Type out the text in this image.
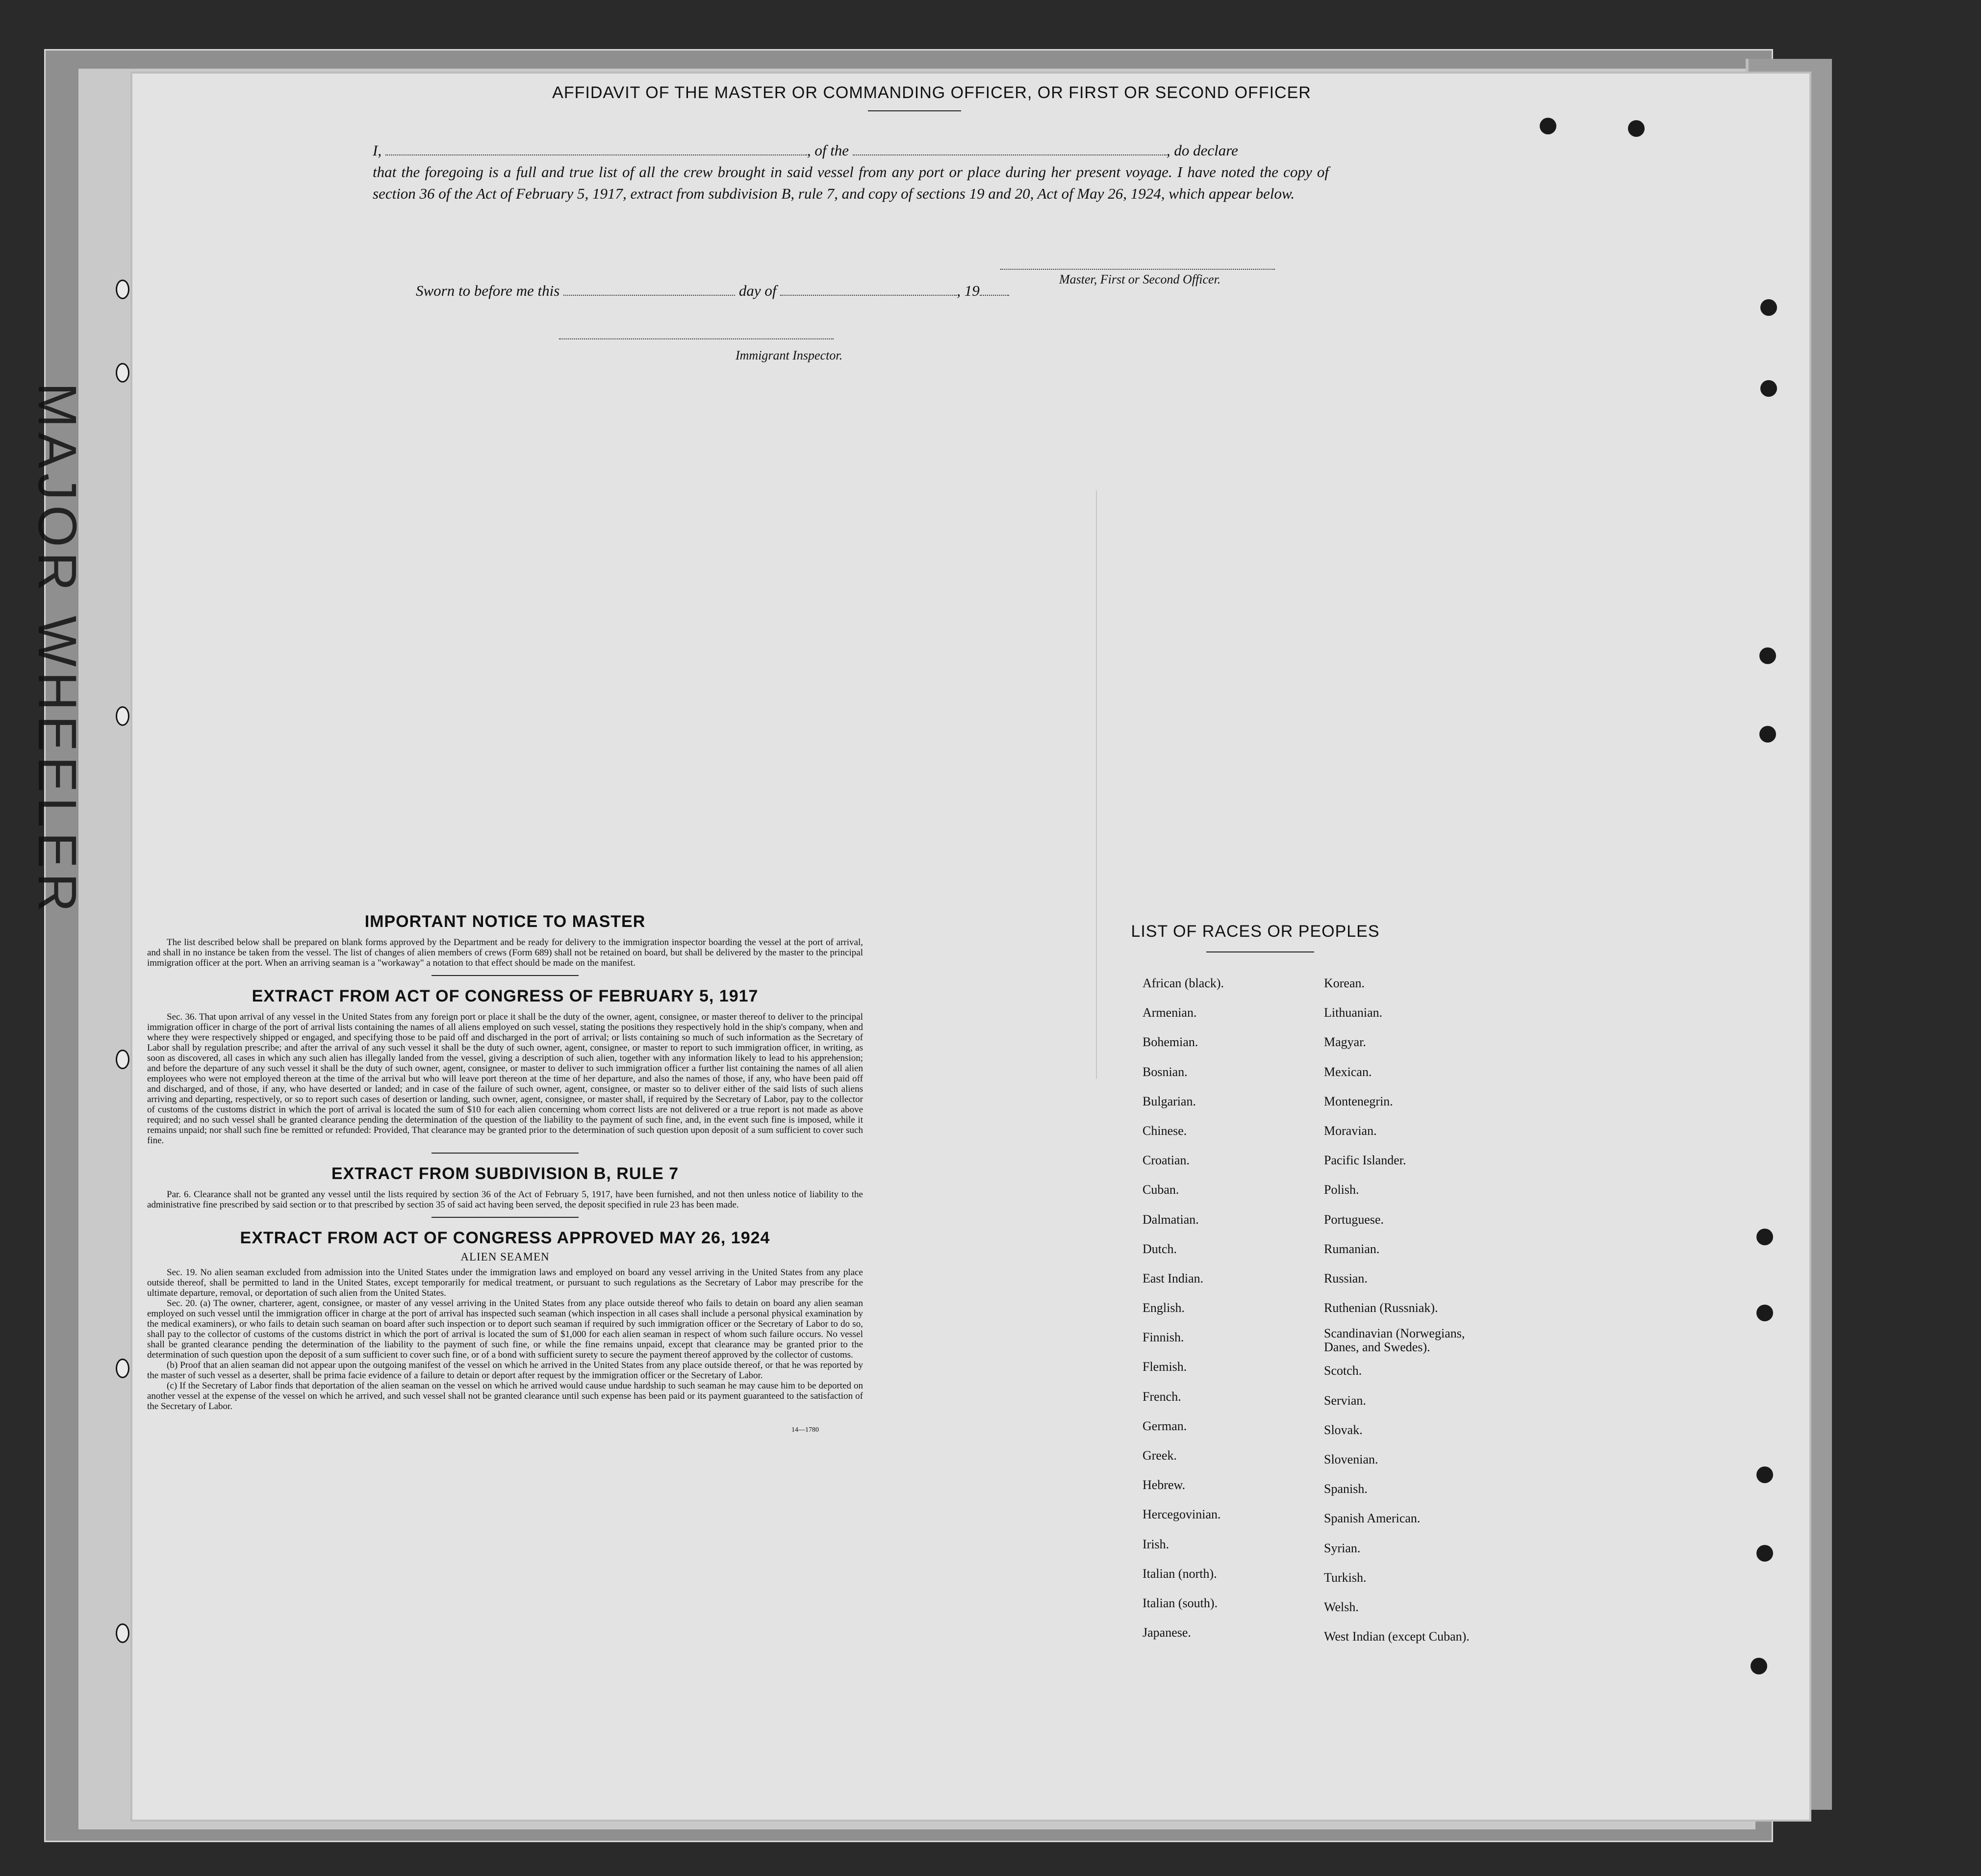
MAJOR WHEELER
AFFIDAVIT OF THE MASTER OR COMMANDING OFFICER, OR FIRST OR SECOND OFFICER
I,	, of the	, do declare
that the foregoing is a full and true list of all the crew brought in said vessel from any port or place during her present voyage. I have noted the copy of section 36 of the Act of February 5, 1917, extract from subdivision B, rule 7, and copy of sections 19 and 20, Act of May 26, 1924, which appear below.
Master, First or Second Officer.
Sworn to before me this	day of	, 19
Immigrant Inspector.
IMPORTANT NOTICE TO MASTER

The list described below shall be prepared on blank forms approved by the Department and be ready for delivery to the immigration inspector boarding the vessel at the port of arrival, and shall in no instance be taken from the vessel. The list of changes of alien members of crews (Form 689) shall not be retained on board, but shall be delivered by the master to the principal immigration officer at the port. When an arriving seaman is a "workaway" a notation to that effect should be made on the manifest.

EXTRACT FROM ACT OF CONGRESS OF FEBRUARY 5, 1917

Sec. 36. That upon arrival of any vessel in the United States from any foreign port or place it shall be the duty of the owner, agent, consignee, or master thereof to deliver to the principal immigration officer in charge of the port of arrival lists containing the names of all aliens employed on such vessel, stating the positions they respectively hold in the ship's company, when and where they were respectively shipped or engaged, and specifying those to be paid off and discharged in the port of arrival; or lists containing so much of such information as the Secretary of Labor shall by regulation prescribe; and after the arrival of any such vessel it shall be the duty of such owner, agent, consignee, or master to report to such immigration officer, in writing, as soon as discovered, all cases in which any such alien has illegally landed from the vessel, giving a description of such alien, together with any information likely to lead to his apprehension; and before the departure of any such vessel it shall be the duty of such owner, agent, consignee, or master to deliver to such immigration officer a further list containing the names of all alien employees who were not employed thereon at the time of the arrival but who will leave port thereon at the time of her departure, and also the names of those, if any, who have been paid off and discharged, and of those, if any, who have deserted or landed; and in case of the failure of such owner, agent, consignee, or master so to deliver either of the said lists of such aliens arriving and departing, respectively, or so to report such cases of desertion or landing, such owner, agent, consignee, or master shall, if required by the Secretary of Labor, pay to the collector of customs of the customs district in which the port of arrival is located the sum of $10 for each alien concerning whom correct lists are not delivered or a true report is not made as above required; and no such vessel shall be granted clearance pending the determination of the question of the liability to the payment of such fine, and, in the event such fine is imposed, while it remains unpaid; nor shall such fine be remitted or refunded: Provided, That clearance may be granted prior to the determination of such question upon deposit of a sum sufficient to cover such fine.

EXTRACT FROM SUBDIVISION B, RULE 7

Par. 6. Clearance shall not be granted any vessel until the lists required by section 36 of the Act of February 5, 1917, have been furnished, and not then unless notice of liability to the administrative fine prescribed by said section or to that prescribed by section 35 of said act having been served, the deposit specified in rule 23 has been made.

EXTRACT FROM ACT OF CONGRESS APPROVED MAY 26, 1924
ALIEN SEAMEN

Sec. 19. No alien seaman excluded from admission into the United States under the immigration laws and employed on board any vessel arriving in the United States from any place outside thereof, shall be permitted to land in the United States, except temporarily for medical treatment, or pursuant to such regulations as the Secretary of Labor may prescribe for the ultimate departure, removal, or deportation of such alien from the United States.

Sec. 20. (a) The owner, charterer, agent, consignee, or master of any vessel arriving in the United States from any place outside thereof who fails to detain on board any alien seaman employed on such vessel until the immigration officer in charge at the port of arrival has inspected such seaman (which inspection in all cases shall include a personal physical examination by the medical examiners), or who fails to detain such seaman on board after such inspection or to deport such seaman if required by such immigration officer or the Secretary of Labor to do so, shall pay to the collector of customs of the customs district in which the port of arrival is located the sum of $1,000 for each alien seaman in respect of whom such failure occurs. No vessel shall be granted clearance pending the determination of the liability to the payment of such fine, or while the fine remains unpaid, except that clearance may be granted prior to the determination of such question upon the deposit of a sum sufficient to cover such fine, or of a bond with sufficient surety to secure the payment thereof approved by the collector of customs.

(b) Proof that an alien seaman did not appear upon the outgoing manifest of the vessel on which he arrived in the United States from any place outside thereof, or that he was reported by the master of such vessel as a deserter, shall be prima facie evidence of a failure to detain or deport after request by the immigration officer or the Secretary of Labor.

(c) If the Secretary of Labor finds that deportation of the alien seaman on the vessel on which he arrived would cause undue hardship to such seaman he may cause him to be deported on another vessel at the expense of the vessel on which he arrived, and such vessel shall not be granted clearance until such expense has been paid or its payment guaranteed to the satisfaction of the Secretary of Labor.

14—1780
LIST OF RACES OR PEOPLES
African (black).
Armenian.
Bohemian.
Bosnian.
Bulgarian.
Chinese.
Croatian.
Cuban.
Dalmatian.
Dutch.
East Indian.
English.
Finnish.
Flemish.
French.
German.
Greek.
Hebrew.
Hercegovinian.
Irish.
Italian (north).
Italian (south).
Japanese.
Korean.
Lithuanian.
Magyar.
Mexican.
Montenegrin.
Moravian.
Pacific Islander.
Polish.
Portuguese.
Rumanian.
Russian.
Ruthenian (Russniak).
Scandinavian (Norwegians, Danes, and Swedes).
Scotch.
Servian.
Slovak.
Slovenian.
Spanish.
Spanish American.
Syrian.
Turkish.
Welsh.
West Indian (except Cuban).
